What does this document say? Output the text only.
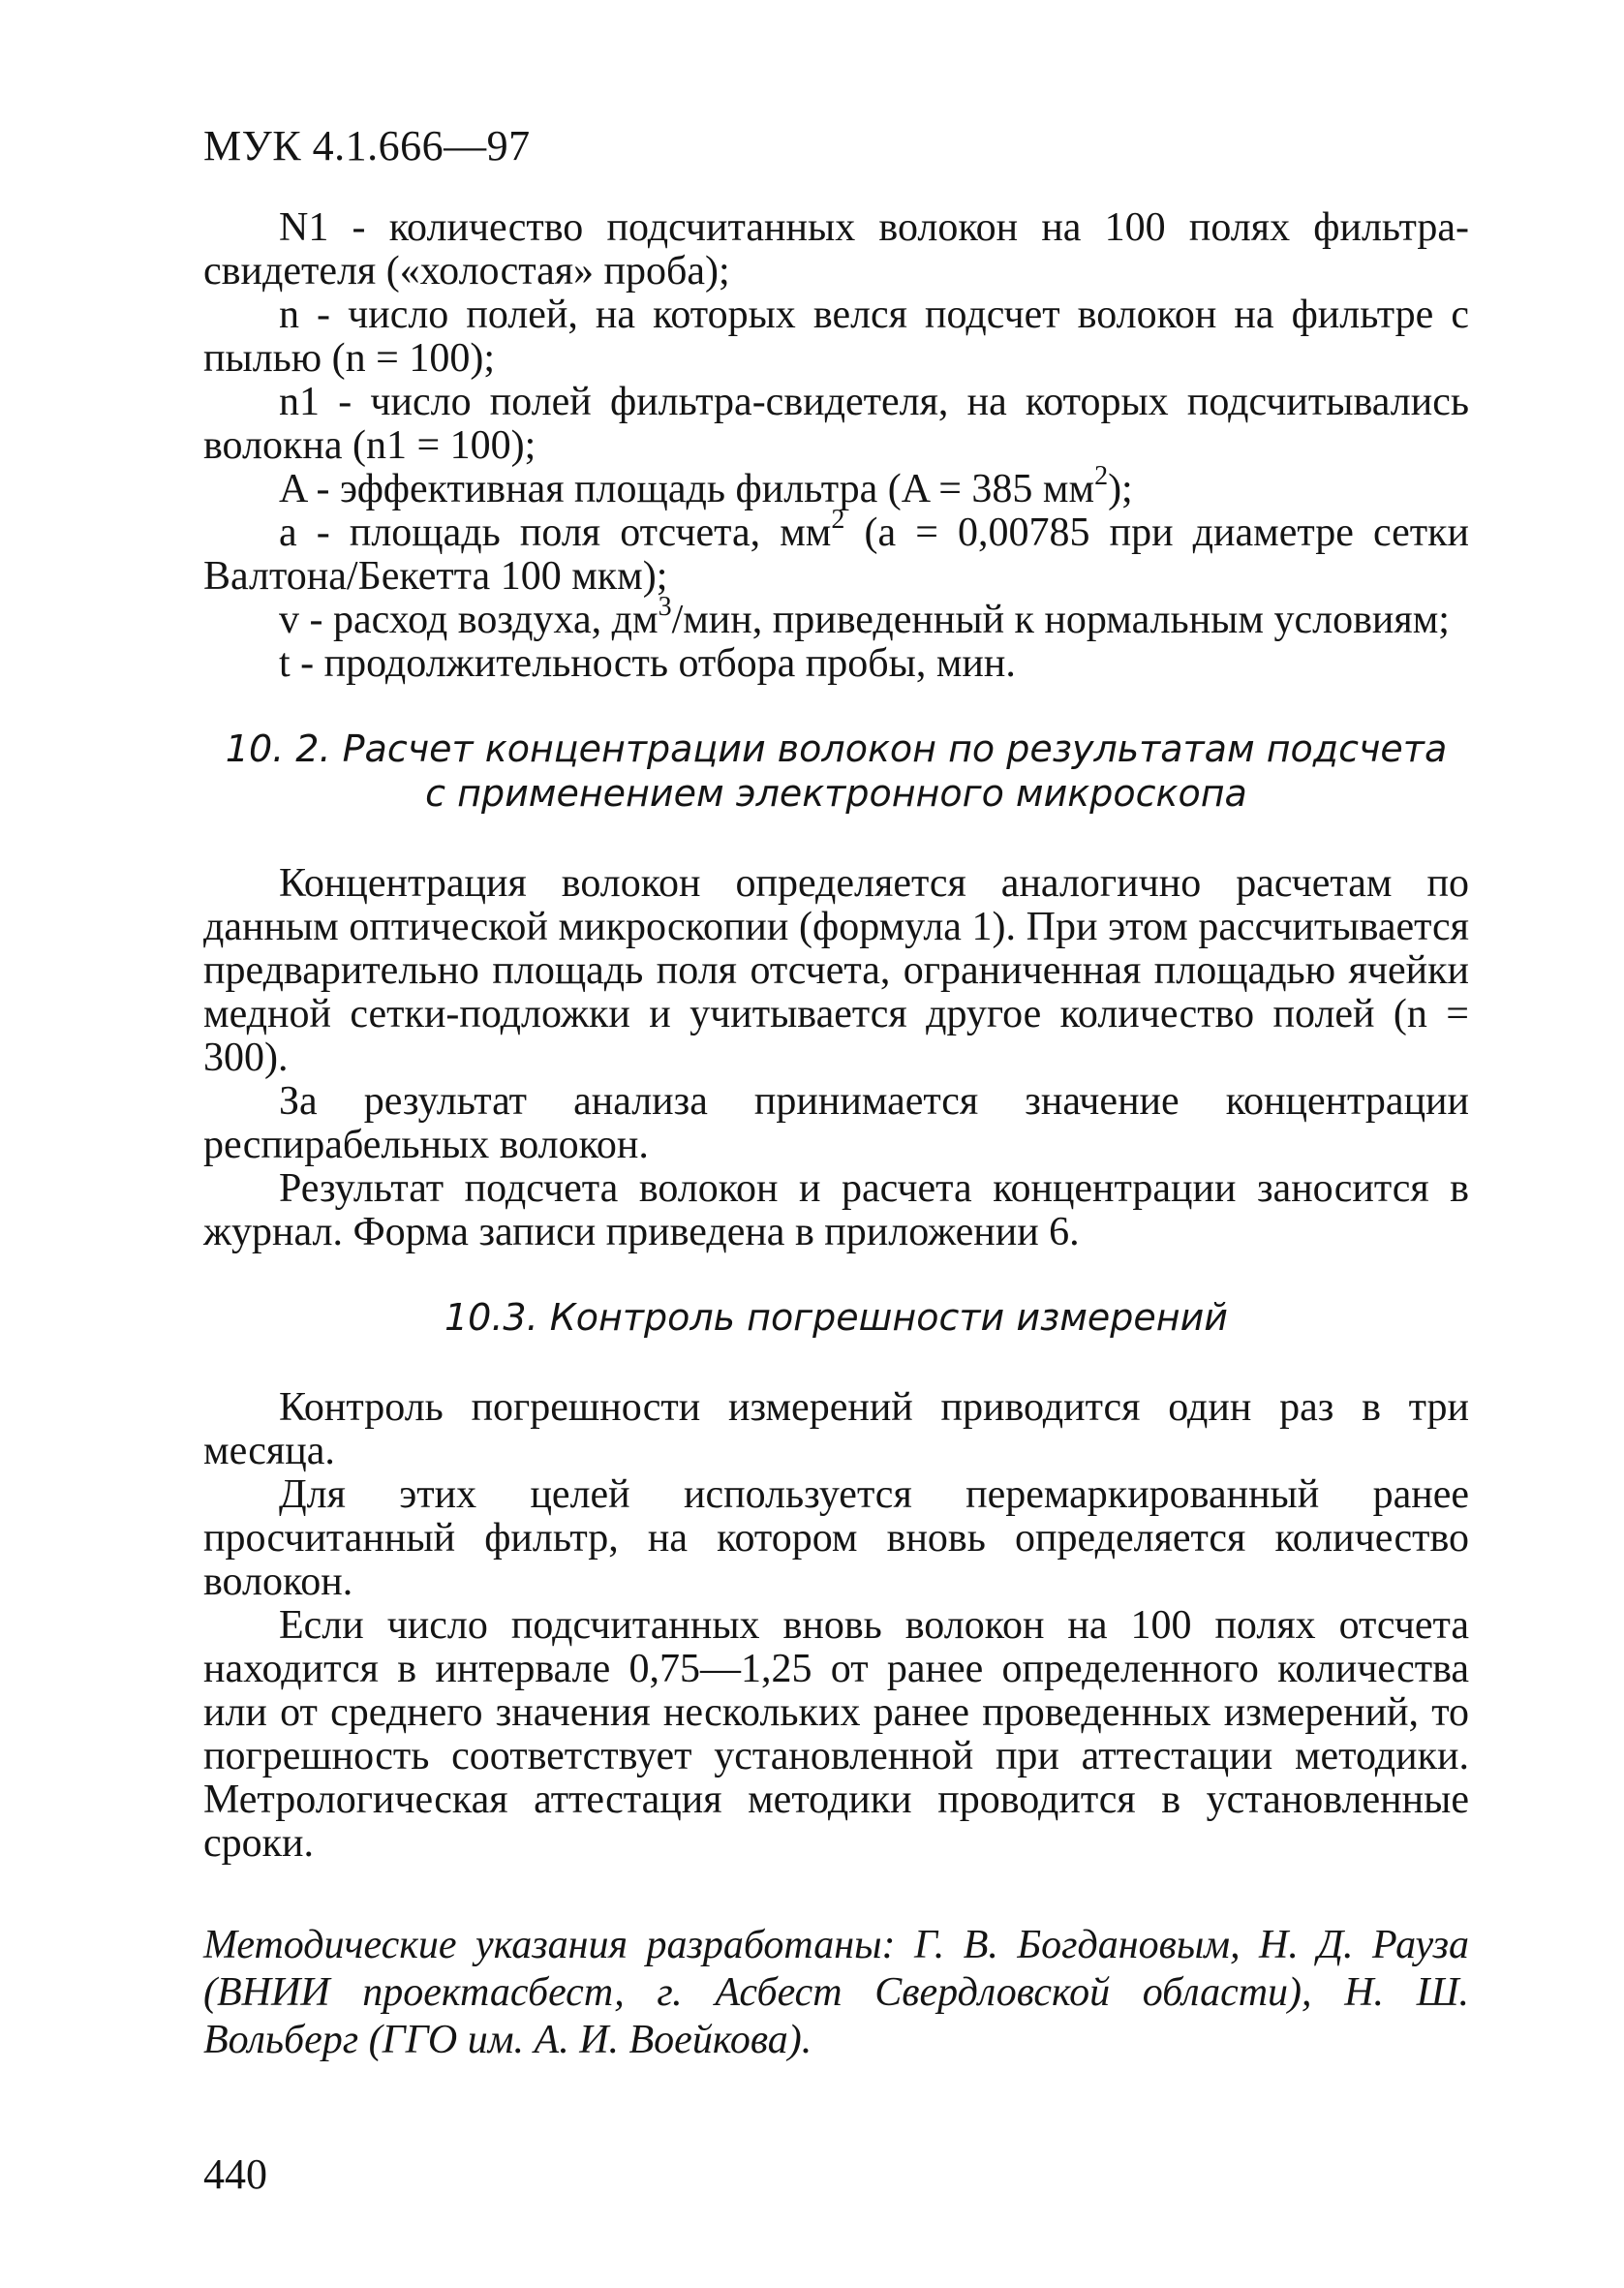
МУК 4.1.666—97

N1 - количество подсчитанных волокон на 100 полях фильтра-свидетеля («холостая» проба);

n - число полей, на которых велся подсчет волокон на фильтре с пылью (n = 100);

n1 - число полей фильтра-свидетеля, на которых подсчитывались волокна (n1 = 100);

A - эффективная площадь фильтра (A = 385 $мм^2$);

a - площадь поля отсчета, $мм^2$ (a = 0,00785 при диаметре сетки Валтона/Бекетта 100 мкм);

v - расход воздуха, $дм^3$/мин, приведенный к нормальным условиям;

t - продолжительность отбора пробы, мин.

10. 2. Расчет концентрации волокон по результатам подсчета
с применением электронного микроскопа

Концентрация волокон определяется аналогично расчетам по данным оптической микроскопии (формула 1). При этом рассчитывается предварительно площадь поля отсчета, ограниченная площадью ячейки медной сетки-подложки и учитывается другое количество полей (n = 300).

За результат анализа принимается значение концентрации респирабельных волокон.

Результат подсчета волокон и расчета концентрации заносится в журнал. Форма записи приведена в приложении 6.

10.3. Контроль погрешности измерений

Контроль погрешности измерений приводится один раз в три месяца.

Для этих целей используется перемаркированный ранее просчитанный фильтр, на котором вновь определяется количество волокон.

Если число подсчитанных вновь волокон на 100 полях отсчета находится в интервале 0,75—1,25 от ранее определенного количества или от среднего значения нескольких ранее проведенных измерений, то погрешность соответствует установленной при аттестации методики. Метрологическая аттестация методики проводится в установленные сроки.

Методические указания разработаны: Г. В. Богдановым, Н. Д. Рауза (ВНИИ проектасбест, г. Асбест Свердловской области), Н. Ш. Вольберг (ГГО им. А. И. Воейкова).
440
